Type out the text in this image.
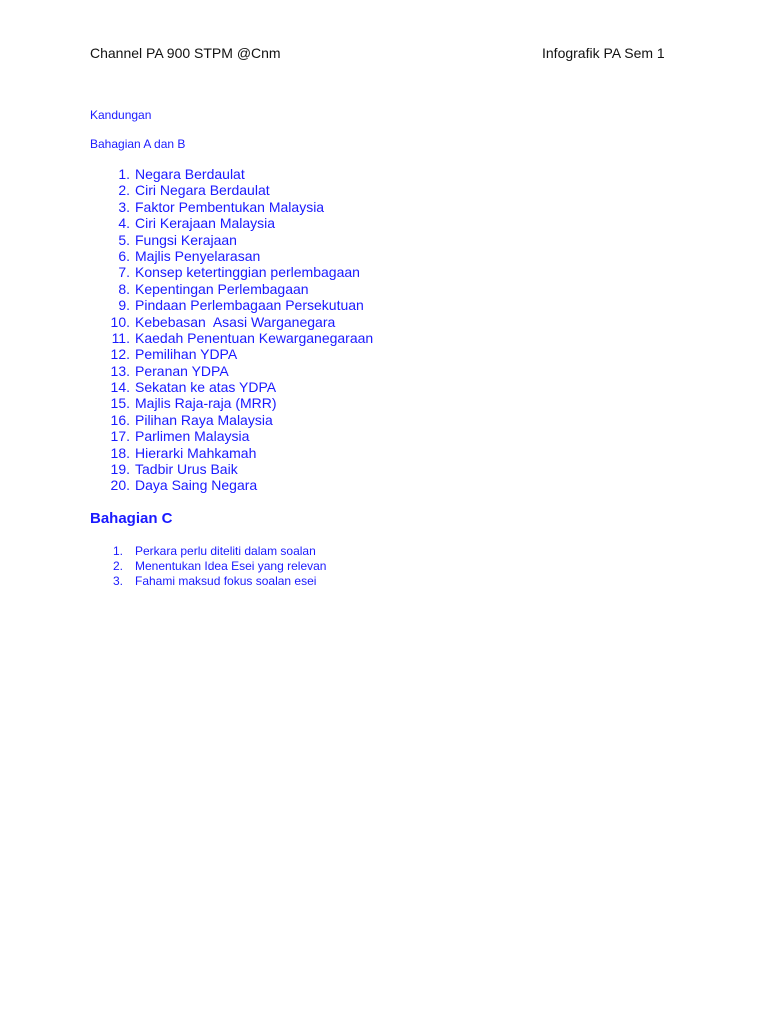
Channel PA 900 STPM @Cnm	Infografik PA Sem 1
Kandungan
Bahagian A dan B
1. Negara Berdaulat
2. Ciri Negara Berdaulat
3. Faktor Pembentukan Malaysia
4. Ciri Kerajaan Malaysia
5. Fungsi Kerajaan
6. Majlis Penyelarasan
7. Konsep ketertinggian perlembagaan
8. Kepentingan Perlembagaan
9. Pindaan Perlembagaan Persekutuan
10. Kebebasan  Asasi Warganegara
11. Kaedah Penentuan Kewarganegaraan
12. Pemilihan YDPA
13. Peranan YDPA
14. Sekatan ke atas YDPA
15. Majlis Raja-raja (MRR)
16. Pilihan Raya Malaysia
17. Parlimen Malaysia
18. Hierarki Mahkamah
19. Tadbir Urus Baik
20. Daya Saing Negara
Bahagian C
1. Perkara perlu diteliti dalam soalan
2. Menentukan Idea Esei yang relevan
3. Fahami maksud fokus soalan esei
